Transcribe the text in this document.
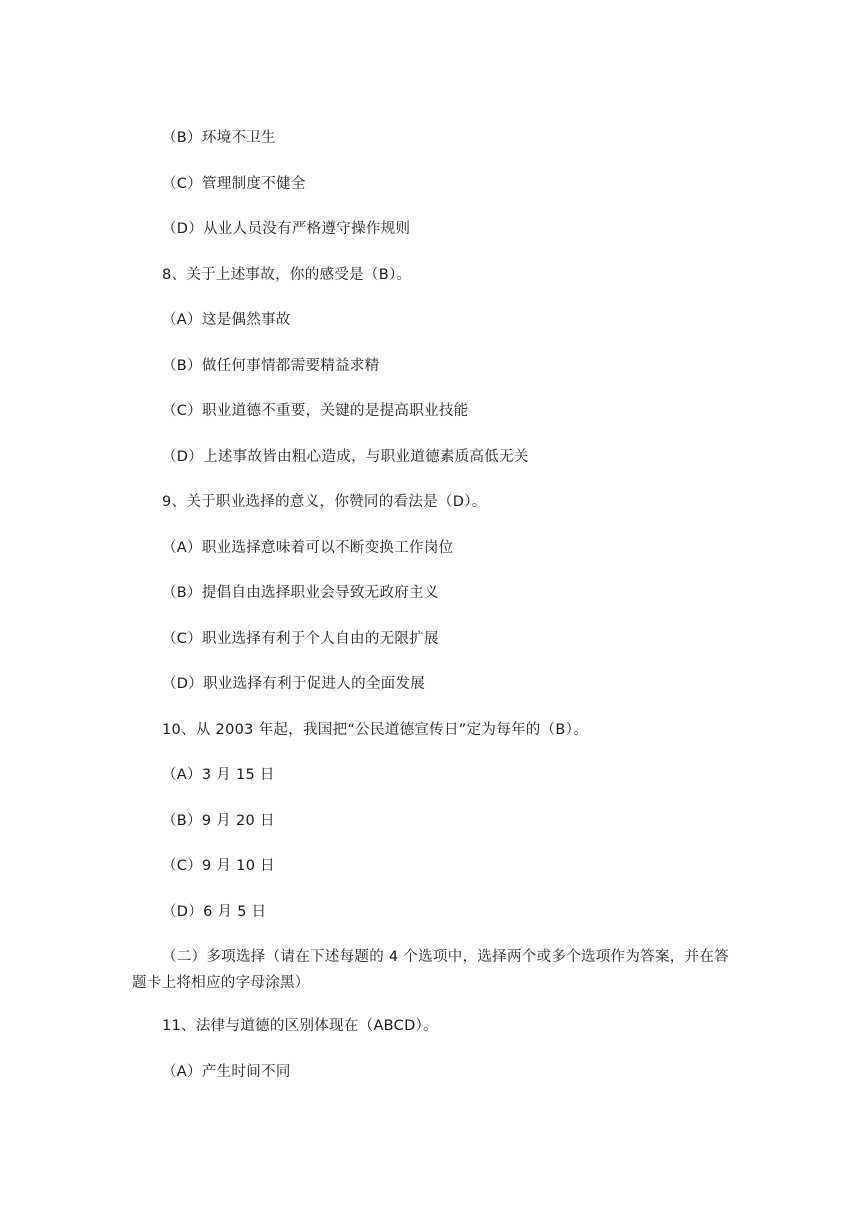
（B）环境不卫生
（C）管理制度不健全
（D）从业人员没有严格遵守操作规则
8、关于上述事故，你的感受是（B）。
（A）这是偶然事故
（B）做任何事情都需要精益求精
（C）职业道德不重要，关键的是提高职业技能
（D）上述事故皆由粗心造成，与职业道德素质高低无关
9、关于职业选择的意义，你赞同的看法是（D）。
（A）职业选择意味着可以不断变换工作岗位
（B）提倡自由选择职业会导致无政府主义
（C）职业选择有利于个人自由的无限扩展
（D）职业选择有利于促进人的全面发展
10、从 2003 年起，我国把“公民道德宣传日”定为每年的（B）。
（A）3 月 15 日
（B）9 月 20 日
（C）9 月 10 日
（D）6 月 5 日
（二）多项选择（请在下述每题的 4 个选项中，选择两个或多个选项作为答案，并在答题卡上将相应的字母涂黑）
11、法律与道德的区别体现在（ABCD）。
（A）产生时间不同
